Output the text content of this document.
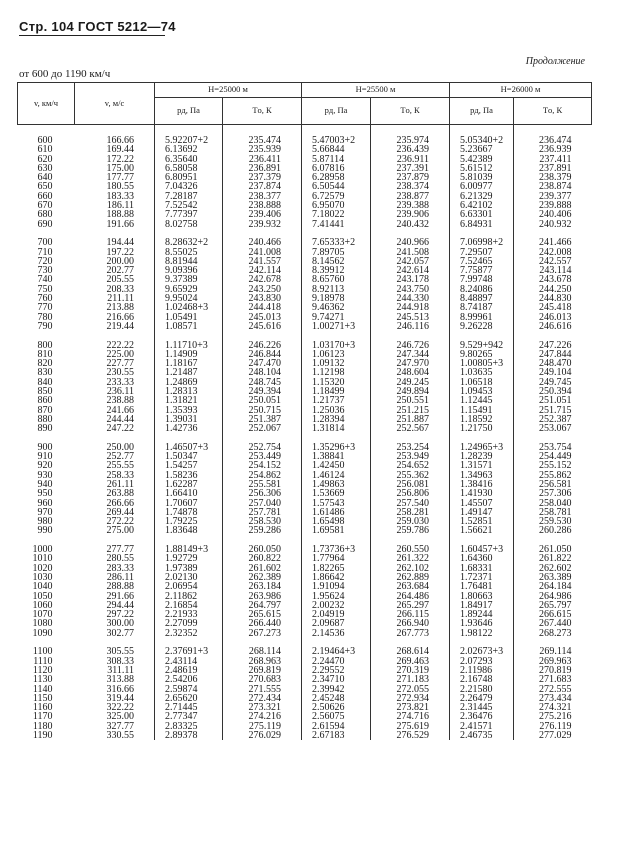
Стр. 104 ГОСТ 5212—74
Продолжение
от 600 до 1190 км/ч
v, км/ч	v, м/с	H=25000 м		H=25500 м		H=26000 м	
		pд, Па	Tо, К	pд, Па	Tо, К	pд, Па	Tо, К
600	166.66	5.92207+2	235.474	5.47003+2	235.974	5.05340+2	236.474
610	169.44	6.13692	235.939	5.66844	236.439	5.23667	236.939
620	172.22	6.35640	236.411	5.87114	236.911	5.42389	237.411
630	175.00	6.58058	236.891	6.07816	237.391	5.61512	237.891
640	177.77	6.80951	237.379	6.28958	237.879	5.81039	238.379
650	180.55	7.04326	237.874	6.50544	238.374	6.00977	238.874
660	183.33	7.28187	238.377	6.72579	238.877	6.21329	239.377
670	186.11	7.52542	238.888	6.95070	239.388	6.42102	239.888
680	188.88	7.77397	239.406	7.18022	239.906	6.63301	240.406
690	191.66	8.02758	239.932	7.41441	240.432	6.84931	240.932

700	194.44	8.28632+2	240.466	7.65333+2	240.966	7.06998+2	241.466
710	197.22	8.55025	241.008	7.89705	241.508	7.29507	242.008
720	200.00	8.81944	241.557	8.14562	242.057	7.52465	242.557
730	202.77	9.09396	242.114	8.39912	242.614	7.75877	243.114
740	205.55	9.37389	242.678	8.65760	243.178	7.99748	243.678
750	208.33	9.65929	243.250	8.92113	243.750	8.24086	244.250
760	211.11	9.95024	243.830	9.18978	244.330	8.48897	244.830
770	213.88	1.02468+3	244.418	9.46362	244.918	8.74187	245.418
780	216.66	1.05491	245.013	9.74271	245.513	8.99961	246.013
790	219.44	1.08571	245.616	1.00271+3	246.116	9.26228	246.616

800	222.22	1.11710+3	246.226	1.03170+3	246.726	9.529+942	247.226
810	225.00	1.14909	246.844	1.06123	247.344	9.80265	247.844
820	227.77	1.18167	247.470	1.09132	247.970	1.00805+3	248.470
830	230.55	1.21487	248.104	1.12198	248.604	1.03635	249.104
840	233.33	1.24869	248.745	1.15320	249.245	1.06518	249.745
850	236.11	1.28313	249.394	1.18499	249.894	1.09453	250.394
860	238.88	1.31821	250.051	1.21737	250.551	1.12445	251.051
870	241.66	1.35393	250.715	1.25036	251.215	1.15491	251.715
880	244.44	1.39031	251.387	1.28394	251.887	1.18592	252.387
890	247.22	1.42736	252.067	1.31814	252.567	1.21750	253.067

900	250.00	1.46507+3	252.754	1.35296+3	253.254	1.24965+3	253.754
910	252.77	1.50347	253.449	1.38841	253.949	1.28239	254.449
920	255.55	1.54257	254.152	1.42450	254.652	1.31571	255.152
930	258.33	1.58236	254.862	1.46124	255.362	1.34963	255.862
940	261.11	1.62287	255.581	1.49863	256.081	1.38416	256.581
950	263.88	1.66410	256.306	1.53669	256.806	1.41930	257.306
960	266.66	1.70607	257.040	1.57543	257.540	1.45507	258.040
970	269.44	1.74878	257.781	1.61486	258.281	1.49147	258.781
980	272.22	1.79225	258.530	1.65498	259.030	1.52851	259.530
990	275.00	1.83648	259.286	1.69581	259.786	1.56621	260.286

1000	277.77	1.88149+3	260.050	1.73736+3	260.550	1.60457+3	261.050
1010	280.55	1.92729	260.822	1.77964	261.322	1.64360	261.822
1020	283.33	1.97389	261.602	1.82265	262.102	1.68331	262.602
1030	286.11	2.02130	262.389	1.86642	262.889	1.72371	263.389
1040	288.88	2.06954	263.184	1.91094	263.684	1.76481	264.184
1050	291.66	2.11862	263.986	1.95624	264.486	1.80663	264.986
1060	294.44	2.16854	264.797	2.00232	265.297	1.84917	265.797
1070	297.22	2.21933	265.615	2.04919	266.115	1.89244	266.615
1080	300.00	2.27099	266.440	2.09687	266.940	1.93646	267.440
1090	302.77	2.32352	267.273	2.14536	267.773	1.98122	268.273

1100	305.55	2.37691+3	268.114	2.19464+3	268.614	2.02673+3	269.114
1110	308.33	2.43114	268.963	2.24470	269.463	2.07293	269.963
1120	311.11	2.48619	269.819	2.29552	270.319	2.11986	270.819
1130	313.88	2.54206	270.683	2.34710	271.183	2.16748	271.683
1140	316.66	2.59874	271.555	2.39942	272.055	2.21580	272.555
1150	319.44	2.65620	272.434	2.45248	272.934	2.26479	273.434
1160	322.22	2.71445	273.321	2.50626	273.821	2.31445	274.321
1170	325.00	2.77347	274.216	2.56075	274.716	2.36476	275.216
1180	327.77	2.83325	275.119	2.61594	275.619	2.41571	276.119
1190	330.55	2.89378	276.029	2.67183	276.529	2.46735	277.029
